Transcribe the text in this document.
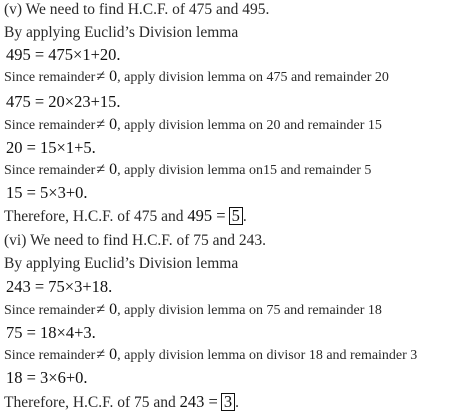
(v) We need to find H.C.F. of 475 and 495.
By applying Euclid’s Division lemma
495 = 475×1+20.
Since remainder≠ 0, apply division lemma on 475 and remainder 20
475 = 20×23+15.
Since remainder≠ 0, apply division lemma on 20 and remainder 15
20 = 15×1+5.
Since remainder≠ 0, apply division lemma on15 and remainder 5
15 = 5×3+0.
Therefore, H.C.F. of 475 and 495 = 5 .
(vi) We need to find H.C.F. of 75 and 243.
By applying Euclid’s Division lemma
243 = 75×3+18.
Since remainder≠ 0, apply division lemma on 75 and remainder 18
75 = 18×4+3.
Since remainder≠ 0, apply division lemma on divisor 18 and remainder 3
18 = 3×6+0.
Therefore, H.C.F. of 75 and 243 = 3 .
